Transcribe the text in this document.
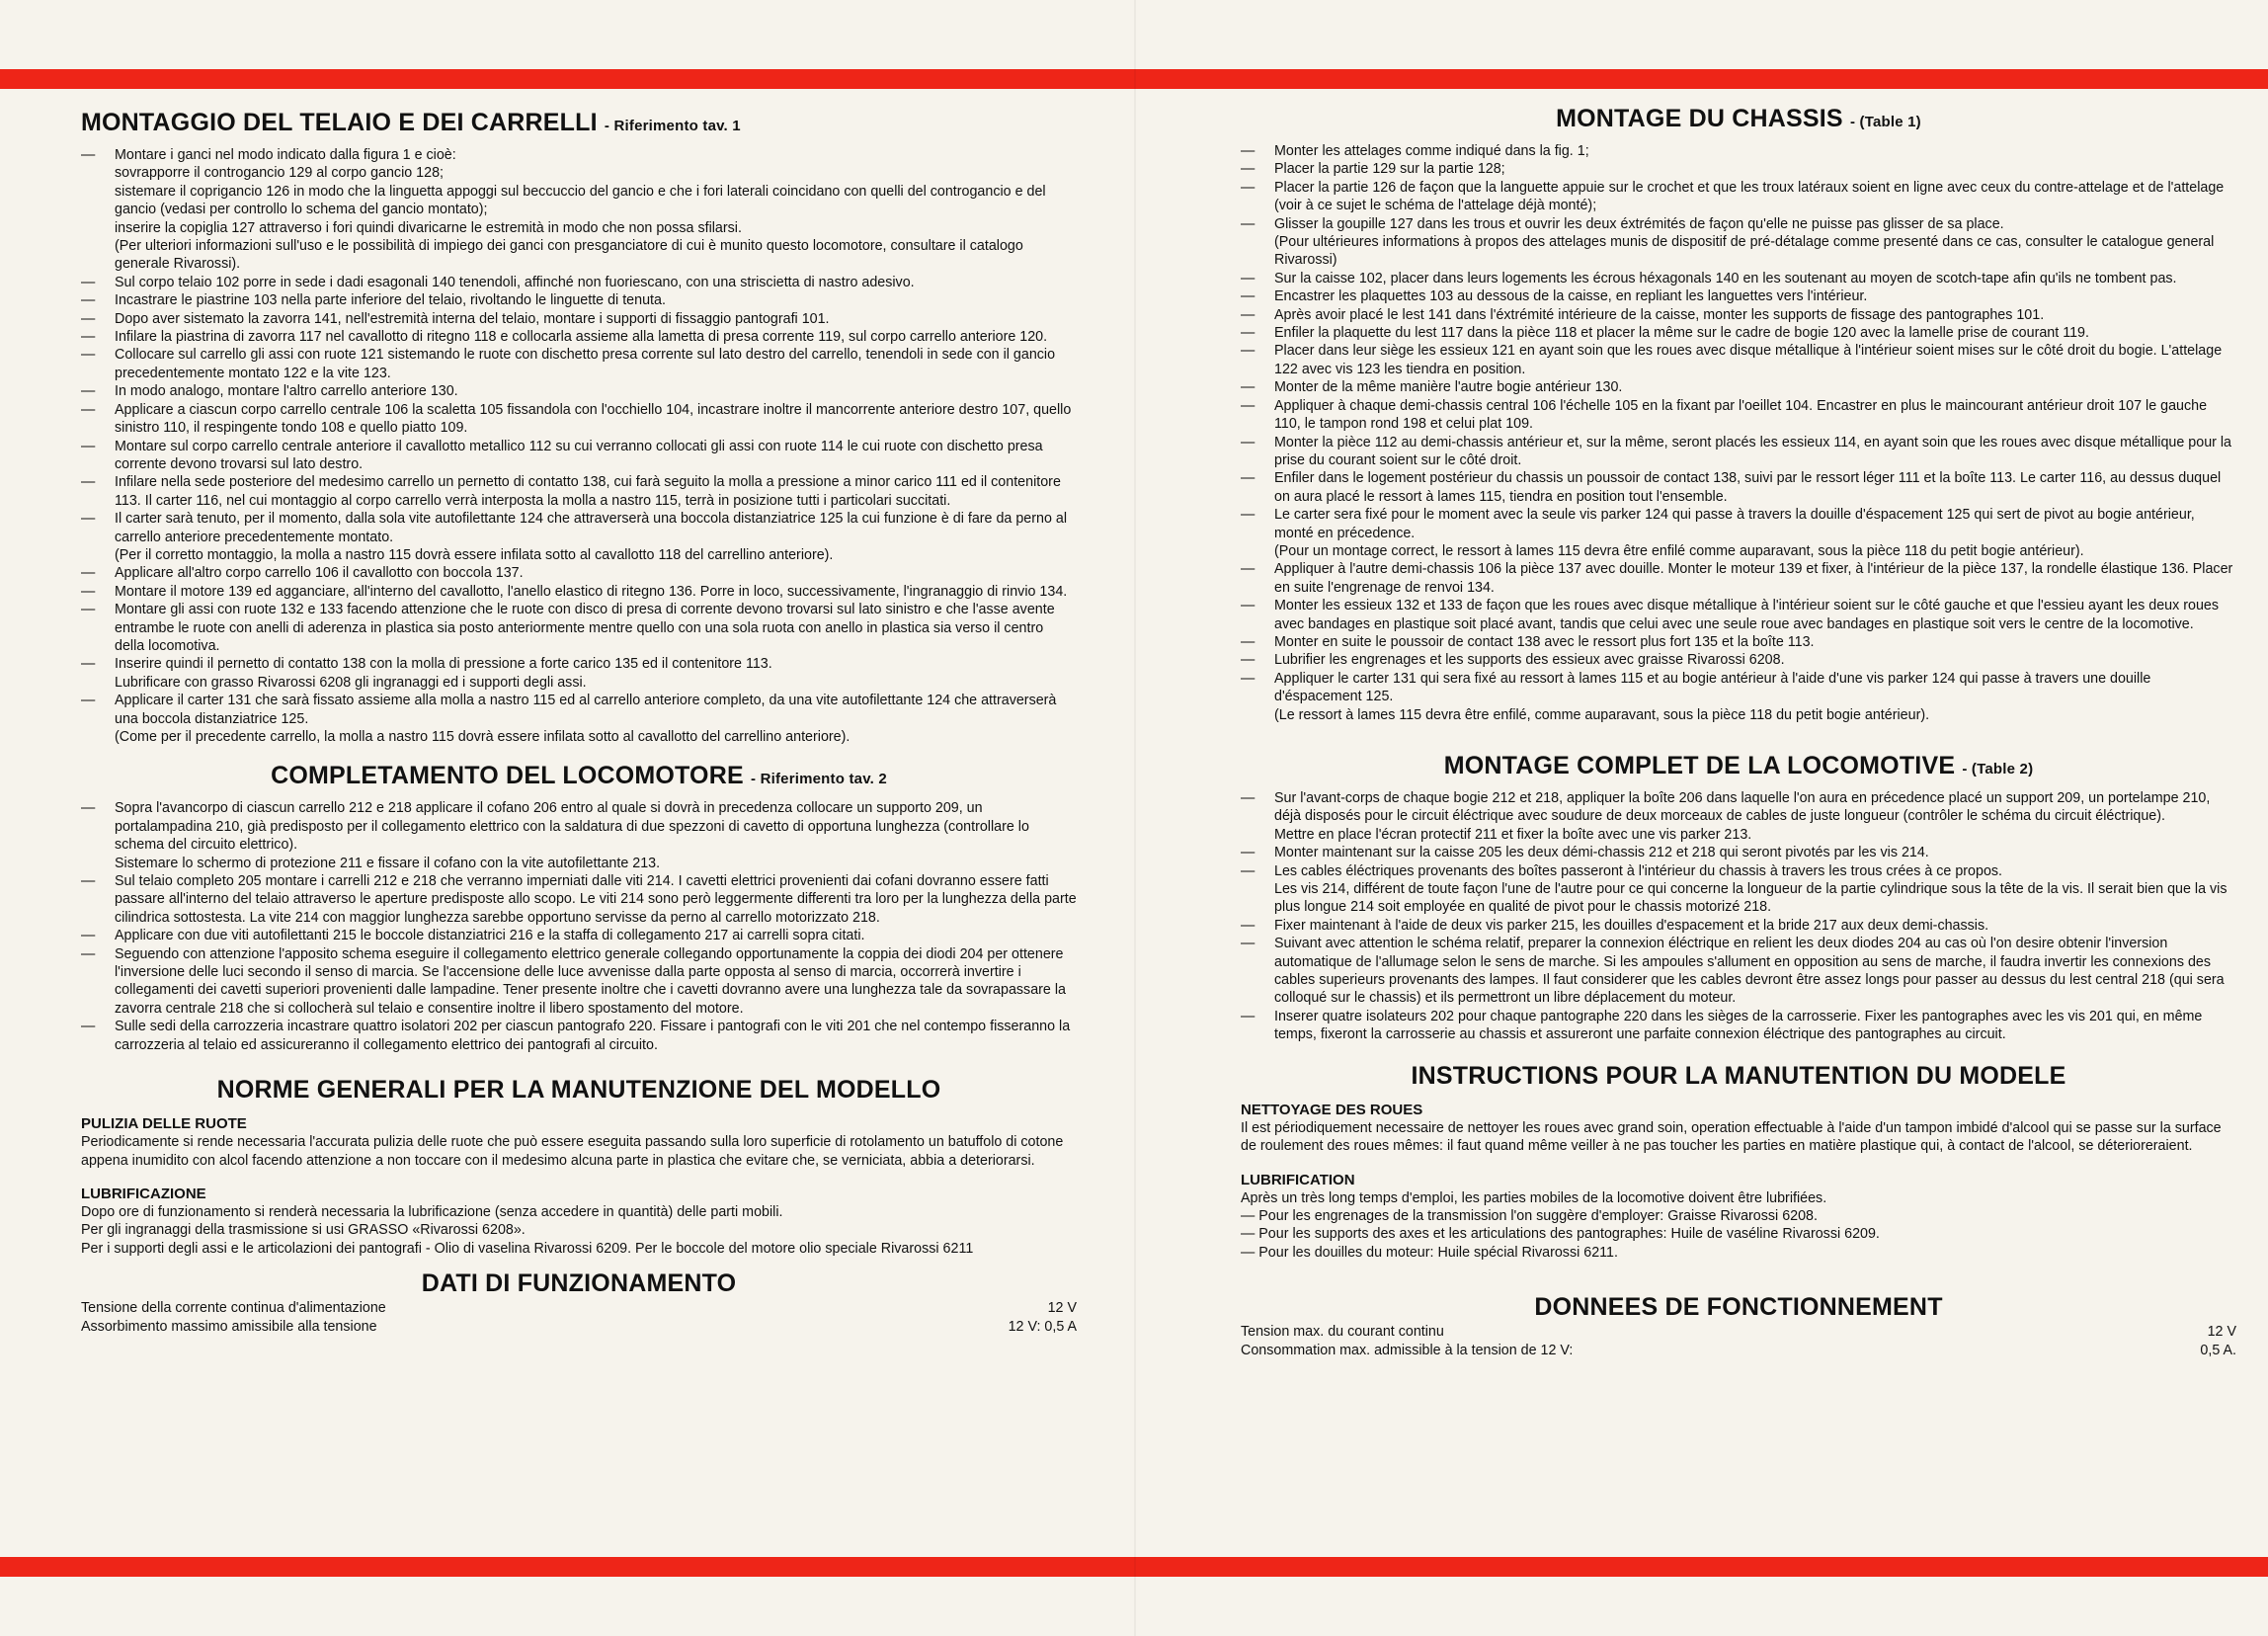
MONTAGGIO DEL TELAIO E DEI CARRELLI - Riferimento tav. 1
— Montare i ganci nel modo indicato dalla figura 1 e cioè:
sovrapporre il controgancio 129 al corpo gancio 128;
sistemare il coprigancio 126 in modo che la linguetta appoggi sul beccuccio del gancio e che i fori laterali coincidano con quelli del controgancio e del gancio (vedasi per controllo lo schema del gancio montato);
inserire la copiglia 127 attraverso i fori quindi divaricarne le estremità in modo che non possa sfilarsi.
(Per ulteriori informazioni sull'uso e le possibilità di impiego dei ganci con presganciatore di cui è munito questo locomotore, consultare il catalogo generale Rivarossi).
— Sul corpo telaio 102 porre in sede i dadi esagonali 140 tenendoli, affinché non fuoriescano, con una striscietta di nastro adesivo.
— Incastrare le piastrine 103 nella parte inferiore del telaio, rivoltando le linguette di tenuta.
— Dopo aver sistemato la zavorra 141, nell'estremità interna del telaio, montare i supporti di fissaggio pantografi 101.
— Infilare la piastrina di zavorra 117 nel cavallotto di ritegno 118 e collocarla assieme alla lametta di presa corrente 119, sul corpo carrello anteriore 120.
— Collocare sul carrello gli assi con ruote 121 sistemando le ruote con dischetto presa corrente sul lato destro del carrello, tenendoli in sede con il gancio precedentemente montato 122 e la vite 123.
— In modo analogo, montare l'altro carrello anteriore 130.
— Applicare a ciascun corpo carrello centrale 106 la scaletta 105 fissandola con l'occhiello 104, incastrare inoltre il mancorrente anteriore destro 107, quello sinistro 110, il respingente tondo 108 e quello piatto 109.
— Montare sul corpo carrello centrale anteriore il cavallotto metallico 112 su cui verranno collocati gli assi con ruote 114 le cui ruote con dischetto presa corrente devono trovarsi sul lato destro.
— Infilare nella sede posteriore del medesimo carrello un pernetto di contatto 138, cui farà seguito la molla a pressione a minor carico 111 ed il contenitore 113. Il carter 116, nel cui montaggio al corpo carrello verrà interposta la molla a nastro 115, terrà in posizione tutti i particolari succitati.
— Il carter sarà tenuto, per il momento, dalla sola vite autofilettante 124 che attraverserà una boccola distanziatrice 125 la cui funzione è di fare da perno al carrello anteriore precedentemente montato.
(Per il corretto montaggio, la molla a nastro 115 dovrà essere infilata sotto al cavallotto 118 del carrellino anteriore).
— Applicare all'altro corpo carrello 106 il cavallotto con boccola 137.
— Montare il motore 139 ed agganciare, all'interno del cavallotto, l'anello elastico di ritegno 136. Porre in loco, successivamente, l'ingranaggio di rinvio 134.
— Montare gli assi con ruote 132 e 133 facendo attenzione che le ruote con disco di presa di corrente devono trovarsi sul lato sinistro e che l'asse avente entrambe le ruote con anelli di aderenza in plastica sia posto anteriormente mentre quello con una sola ruota con anello in plastica sia verso il centro della locomotiva.
— Inserire quindi il pernetto di contatto 138 con la molla di pressione a forte carico 135 ed il contenitore 113.
Lubrificare con grasso Rivarossi 6208 gli ingranaggi ed i supporti degli assi.
— Applicare il carter 131 che sarà fissato assieme alla molla a nastro 115 ed al carrello anteriore completo, da una vite autofilettante 124 che attraverserà una boccola distanziatrice 125.
(Come per il precedente carrello, la molla a nastro 115 dovrà essere infilata sotto al cavallotto del carrellino anteriore).
COMPLETAMENTO DEL LOCOMOTORE - Riferimento tav. 2
— Sopra l'avancorpo di ciascun carrello 212 e 218 applicare il cofano 206 entro al quale si dovrà in precedenza collocare un supporto 209, un portalampadina 210, già predisposto per il collegamento elettrico con la saldatura di due spezzoni di cavetto di opportuna lunghezza (controllare lo schema del circuito elettrico).
Sistemare lo schermo di protezione 211 e fissare il cofano con la vite autofilettante 213.
— Sul telaio completo 205 montare i carrelli 212 e 218 che verranno imperniati dalle viti 214. I cavetti elettrici provenienti dai cofani dovranno essere fatti passare all'interno del telaio attraverso le aperture predisposte allo scopo. Le viti 214 sono però leggermente differenti tra loro per la lunghezza della parte cilindrica sottostesta. La vite 214 con maggior lunghezza sarebbe opportuno servisse da perno al carrello motorizzato 218.
— Applicare con due viti autofilettanti 215 le boccole distanziatrici 216 e la staffa di collegamento 217 ai carrelli sopra citati.
— Seguendo con attenzione l'apposito schema eseguire il collegamento elettrico generale collegando opportunamente la coppia dei diodi 204 per ottenere l'inversione delle luci secondo il senso di marcia. Se l'accensione delle luce avvenisse dalla parte opposta al senso di marcia, occorrerà invertire i collegamenti dei cavetti superiori provenienti dalle lampadine. Tener presente inoltre che i cavetti dovranno avere una lunghezza tale da sovrapassare la zavorra centrale 218 che si collocherà sul telaio e consentire inoltre il libero spostamento del motore.
— Sulle sedi della carrozzeria incastrare quattro isolatori 202 per ciascun pantografo 220. Fissare i pantografi con le viti 201 che nel contempo fisseranno la carrozzeria al telaio ed assicureranno il collegamento elettrico dei pantografi al circuito.
NORME GENERALI PER LA MANUTENZIONE DEL MODELLO
PULIZIA DELLE RUOTE
Periodicamente si rende necessaria l'accurata pulizia delle ruote che può essere eseguita passando sulla loro superficie di rotolamento un batuffolo di cotone appena inumidito con alcol facendo attenzione a non toccare con il medesimo alcuna parte in plastica che evitare che, se verniciata, abbia a deteriorarsi.
LUBRIFICAZIONE
Dopo ore di funzionamento si renderà necessaria la lubrificazione (senza accedere in quantità) delle parti mobili.
Per gli ingranaggi della trasmissione si usi GRASSO «Rivarossi 6208».
Per i supporti degli assi e le articolazioni dei pantografi - Olio di vaselina Rivarossi 6209. Per le boccole del motore olio speciale Rivarossi 6211
DATI DI FUNZIONAMENTO
Tensione della corrente continua d'alimentazione
Assorbimento massimo amissibile alla tensione
12 V
12 V: 0,5 A
MONTAGE DU CHASSIS - (Table 1)
— Monter les attelages comme indiqué dans la fig. 1;
— Placer la partie 129 sur la partie 128;
— Placer la partie 126 de façon que la languette appuie sur le crochet et que les troux latéraux soient en ligne avec ceux du contre-attelage et de l'attelage (voir à ce sujet le schéma de l'attelage déjà monté);
— Glisser la goupille 127 dans les trous et ouvrir les deux éxtrémités de façon qu'elle ne puisse pas glisser de sa place.
(Pour ultérieures informations à propos des attelages munis de dispositif de pré-détalage comme presenté dans ce cas, consulter le catalogue general Rivarossi)
— Sur la caisse 102, placer dans leurs logements les écrous héxagonals 140 en les soutenant au moyen de scotch-tape afin qu'ils ne tombent pas.
— Encastrer les plaquettes 103 au dessous de la caisse, en repliant les languettes vers l'intérieur.
— Après avoir placé le lest 141 dans l'éxtrémité intérieure de la caisse, monter les supports de fissage des pantographes 101.
— Enfiler la plaquette du lest 117 dans la pièce 118 et placer la même sur le cadre de bogie 120 avec la lamelle prise de courant 119.
— Placer dans leur siège les essieux 121 en ayant soin que les roues avec disque métallique à l'intérieur soient mises sur le côté droit du bogie. L'attelage 122 avec vis 123 les tiendra en position.
— Monter de la même manière l'autre bogie antérieur 130.
— Appliquer à chaque demi-chassis central 106 l'échelle 105 en la fixant par l'oeillet 104. Encastrer en plus le maincourant antérieur droit 107 le gauche 110, le tampon rond 198 et celui plat 109.
— Monter la pièce 112 au demi-chassis antérieur et, sur la même, seront placés les essieux 114, en ayant soin que les roues avec disque métallique pour la prise du courant soient sur le côté droit.
— Enfiler dans le logement postérieur du chassis un poussoir de contact 138, suivi par le ressort léger 111 et la boîte 113. Le carter 116, au dessus duquel on aura placé le ressort à lames 115, tiendra en position tout l'ensemble.
— Le carter sera fixé pour le moment avec la seule vis parker 124 qui passe à travers la douille d'éspacement 125 qui sert de pivot au bogie antérieur, monté en précedence.
(Pour un montage correct, le ressort à lames 115 devra être enfilé comme auparavant, sous la pièce 118 du petit bogie antérieur).
— Appliquer à l'autre demi-chassis 106 la pièce 137 avec douille. Monter le moteur 139 et fixer, à l'intérieur de la pièce 137, la rondelle élastique 136. Placer en suite l'engrenage de renvoi 134.
— Monter les essieux 132 et 133 de façon que les roues avec disque métallique à l'intérieur soient sur le côté gauche et que l'essieu ayant les deux roues avec bandages en plastique soit placé avant, tandis que celui avec une seule roue avec bandages en plastique soit vers le centre de la locomotive.
— Monter en suite le poussoir de contact 138 avec le ressort plus fort 135 et la boîte 113.
— Lubrifier les engrenages et les supports des essieux avec graisse Rivarossi 6208.
— Appliquer le carter 131 qui sera fixé au ressort à lames 115 et au bogie antérieur à l'aide d'une vis parker 124 qui passe à travers une douille d'éspacement 125.
(Le ressort à lames 115 devra être enfilé, comme auparavant, sous la pièce 118 du petit bogie antérieur).
MONTAGE COMPLET DE LA LOCOMOTIVE - (Table 2)
— Sur l'avant-corps de chaque bogie 212 et 218, appliquer la boîte 206 dans laquelle l'on aura en précedence placé un support 209, un portelampe 210, déjà disposés pour le circuit éléctrique avec soudure de deux morceaux de cables de juste longueur (contrôler le schéma du circuit éléctrique).
Mettre en place l'écran protectif 211 et fixer la boîte avec une vis parker 213.
— Monter maintenant sur la caisse 205 les deux démi-chassis 212 et 218 qui seront pivotés par les vis 214.
— Les cables éléctriques provenants des boîtes passeront à l'intérieur du chassis à travers les trous crées à ce propos.
Les vis 214, différent de toute façon l'une de l'autre pour ce qui concerne la longueur de la partie cylindrique sous la tête de la vis. Il serait bien que la vis plus longue 214 soit employée en qualité de pivot pour le chassis motorizé 218.
— Fixer maintenant à l'aide de deux vis parker 215, les douilles d'espacement et la bride 217 aux deux demi-chassis.
— Suivant avec attention le schéma relatif, preparer la connexion éléctrique en relient les deux diodes 204 au cas où l'on desire obtenir l'inversion automatique de l'allumage selon le sens de marche. Si les ampoules s'allument en opposition au sens de marche, il faudra invertir les connexions des cables superieurs provenants des lampes. Il faut considerer que les cables devront être assez longs pour passer au dessus du lest central 218 (qui sera colloqué sur le chassis) et ils permettront un libre déplacement du moteur.
— Inserer quatre isolateurs 202 pour chaque pantographe 220 dans les sièges de la carrosserie. Fixer les pantographes avec les vis 201 qui, en même temps, fixeront la carrosserie au chassis et assureront une parfaite connexion éléctrique des pantographes au circuit.
INSTRUCTIONS POUR LA MANUTENTION DU MODELE
NETTOYAGE DES ROUES
Il est périodiquement necessaire de nettoyer les roues avec grand soin, operation effectuable à l'aide d'un tampon imbidé d'alcool qui se passe sur la surface de roulement des roues mêmes: il faut quand même veiller à ne pas toucher les parties en matière plastique qui, à contact de l'alcool, se déterioreraient.
LUBRIFICATION
Après un très long temps d'emploi, les parties mobiles de la locomotive doivent être lubrifiées.
— Pour les engrenages de la transmission l'on suggère d'employer: Graisse Rivarossi 6208.
— Pour les supports des axes et les articulations des pantographes: Huile de vaséline Rivarossi 6209.
— Pour les douilles du moteur: Huile spécial Rivarossi 6211.
DONNEES DE FONCTIONNEMENT
Tension max. du courant continu
Consommation max. admissible à la tension de 12 V:
12 V
0,5 A.
